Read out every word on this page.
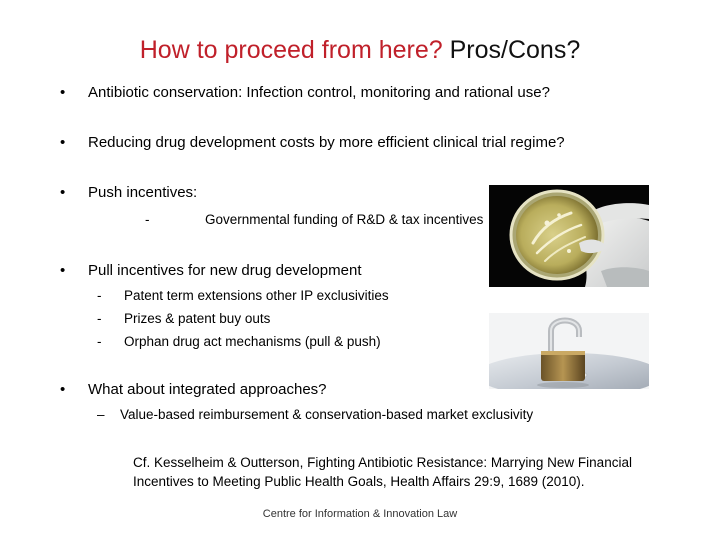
How to proceed from here? Pros/Cons?
• Antibiotic conservation: Infection control, monitoring and rational use?
• Reducing drug development costs by more efficient clinical trial regime?
• Push incentives:
-	Governmental funding of R&D & tax incentives
• Pull incentives for new drug development
- Patent term extensions other IP exclusivities
- Prizes & patent buy outs
- Orphan drug act mechanisms (pull & push)
• What about integrated approaches?
– Value-based reimbursement & conservation-based market exclusivity
Cf. Kesselheim & Outterson, Fighting Antibiotic Resistance: Marrying New Financial
Incentives to Meeting Public Health Goals, Health Affairs 29:9, 1689 (2010).
Centre for Information & Innovation Law
